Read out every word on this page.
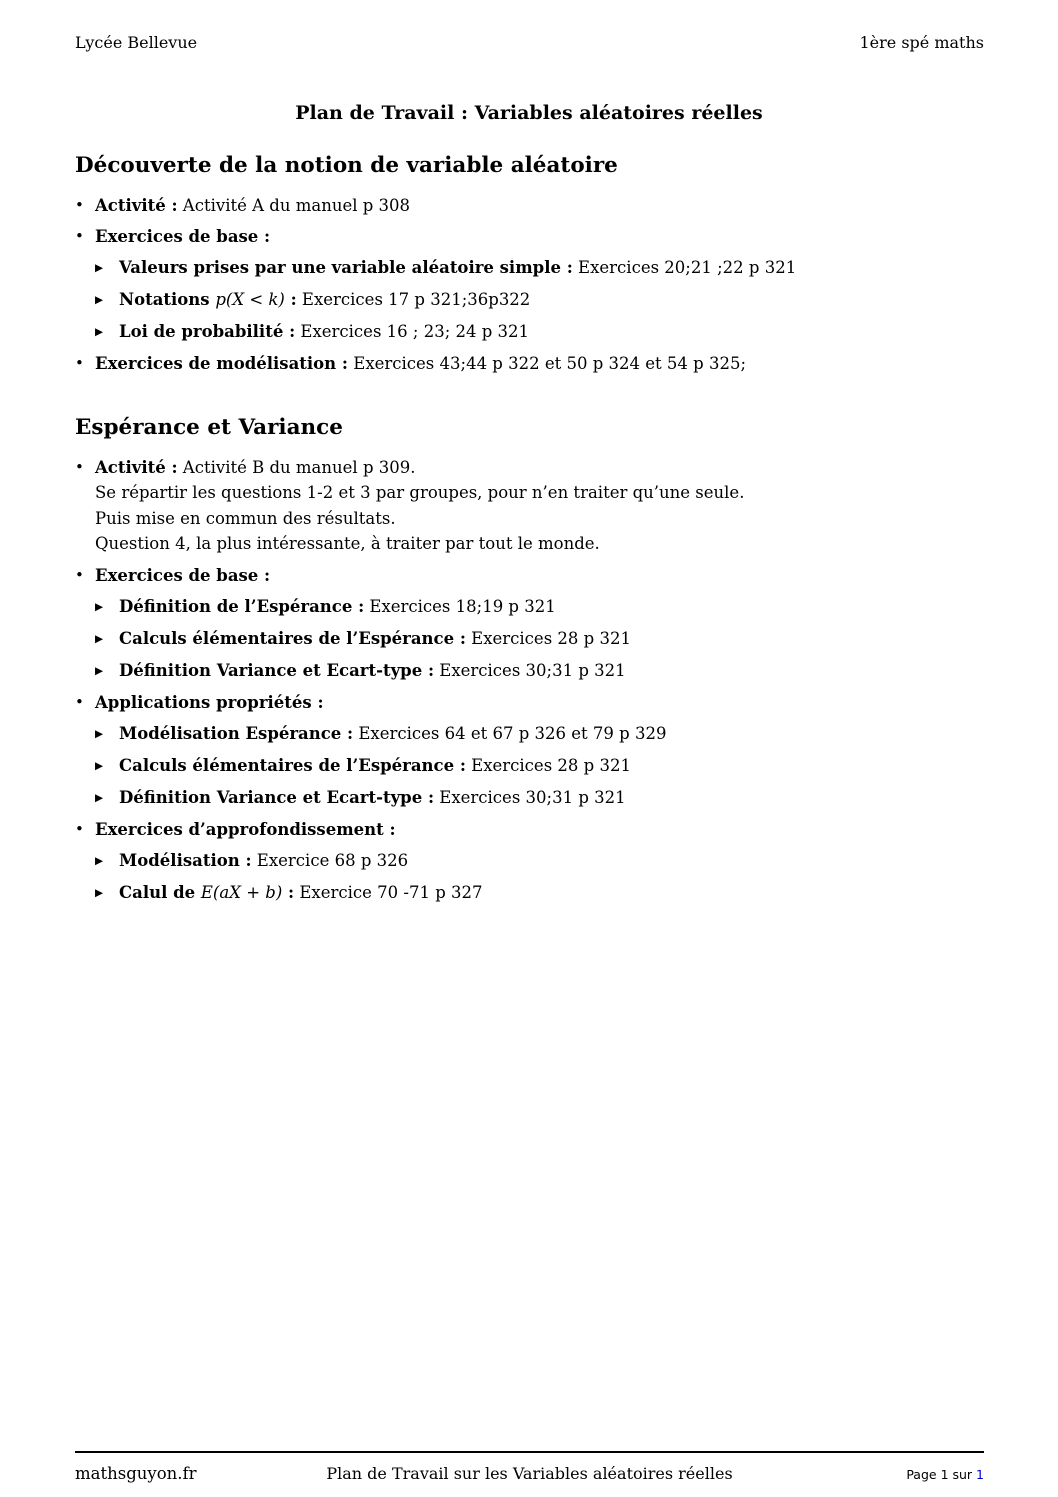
Lycée Bellevue	1ère spé maths
Plan de Travail : Variables aléatoires réelles
Découverte de la notion de variable aléatoire
• Activité : Activité A du manuel p 308
• Exercices de base :
▶ Valeurs prises par une variable aléatoire simple : Exercices 20;21 ;22 p 321
▶ Notations p(X < k) : Exercices 17 p 321;36p322
▶ Loi de probabilité : Exercices 16 ; 23; 24 p 321
• Exercices de modélisation : Exercices 43;44 p 322 et 50 p 324 et 54 p 325;
Espérance et Variance
• Activité : Activité B du manuel p 309.
Se répartir les questions 1-2 et 3 par groupes, pour n’en traiter qu’une seule.
Puis mise en commun des résultats.
Question 4, la plus intéressante, à traiter par tout le monde.
• Exercices de base :
▶ Définition de l’Espérance : Exercices 18;19 p 321
▶ Calculs élémentaires de l’Espérance : Exercices 28 p 321
▶ Définition Variance et Ecart-type : Exercices 30;31 p 321
• Applications propriétés :
▶ Modélisation Espérance : Exercices 64 et 67 p 326 et 79 p 329
▶ Calculs élémentaires de l’Espérance : Exercices 28 p 321
▶ Définition Variance et Ecart-type : Exercices 30;31 p 321
• Exercices d’approfondissement :
▶ Modélisation : Exercice 68 p 326
▶ Calul de E(aX + b) : Exercice 70 -71 p 327
mathsguyon.fr	Plan de Travail sur les Variables aléatoires réelles	Page 1 sur 1
